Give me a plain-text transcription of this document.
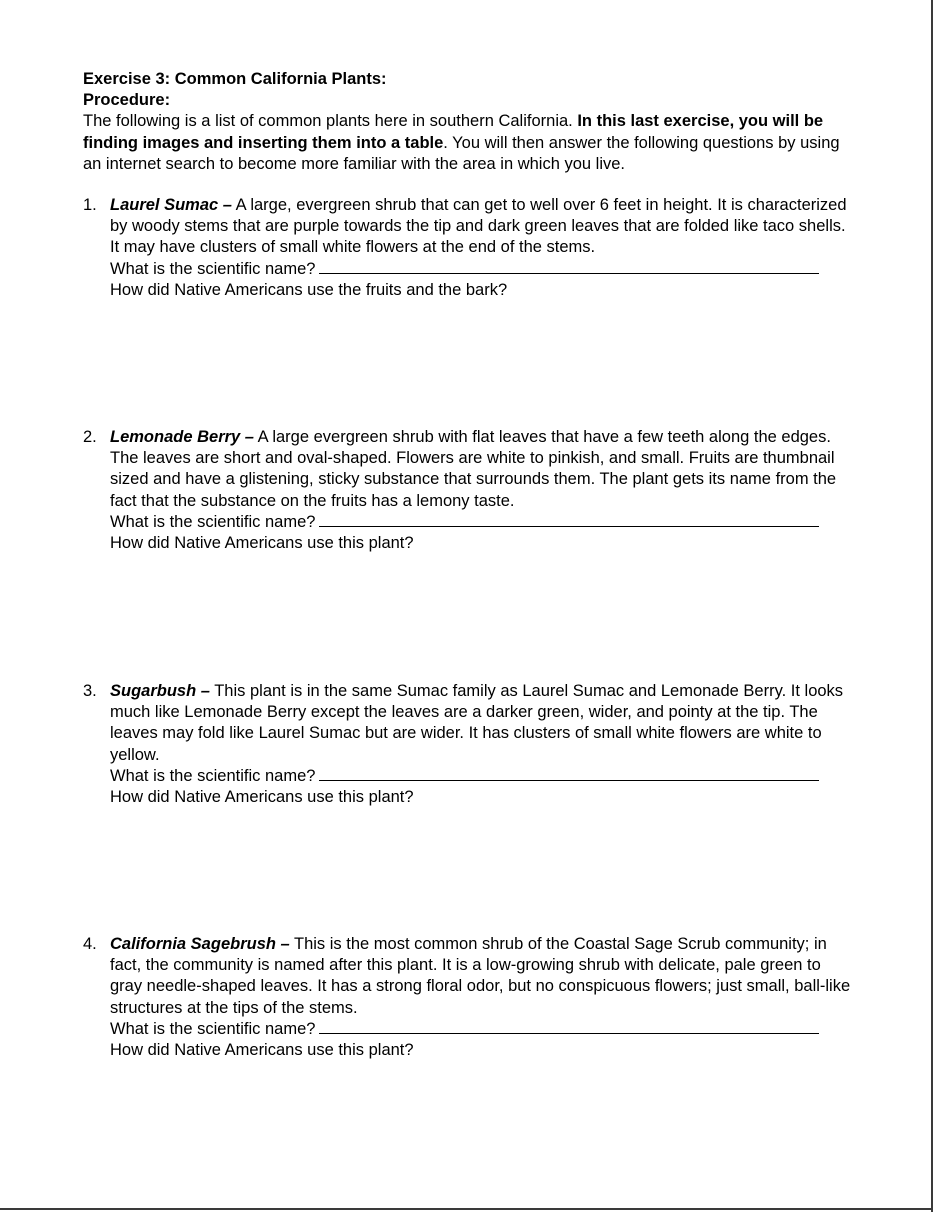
Exercise 3: Common California Plants:
Procedure:

The following is a list of common plants here in southern California. In this last exercise, you will be finding images and inserting them into a table. You will then answer the following questions by using an internet search to become more familiar with the area in which you live.

1. Laurel Sumac – A large, evergreen shrub that can get to well over 6 feet in height. It is characterized by woody stems that are purple towards the tip and dark green leaves that are folded like taco shells. It may have clusters of small white flowers at the end of the stems.
What is the scientific name?
How did Native Americans use the fruits and the bark?
2. Lemonade Berry – A large evergreen shrub with flat leaves that have a few teeth along the edges. The leaves are short and oval-shaped. Flowers are white to pinkish, and small. Fruits are thumbnail sized and have a glistening, sticky substance that surrounds them. The plant gets its name from the fact that the substance on the fruits has a lemony taste.
What is the scientific name?
How did Native Americans use this plant?
3. Sugarbush – This plant is in the same Sumac family as Laurel Sumac and Lemonade Berry. It looks much like Lemonade Berry except the leaves are a darker green, wider, and pointy at the tip. The leaves may fold like Laurel Sumac but are wider. It has clusters of small white flowers are white to yellow.
What is the scientific name?
How did Native Americans use this plant?
4. California Sagebrush – This is the most common shrub of the Coastal Sage Scrub community; in fact, the community is named after this plant. It is a low-growing shrub with delicate, pale green to gray needle-shaped leaves. It has a strong floral odor, but no conspicuous flowers; just small, ball-like structures at the tips of the stems.
What is the scientific name?
How did Native Americans use this plant?
